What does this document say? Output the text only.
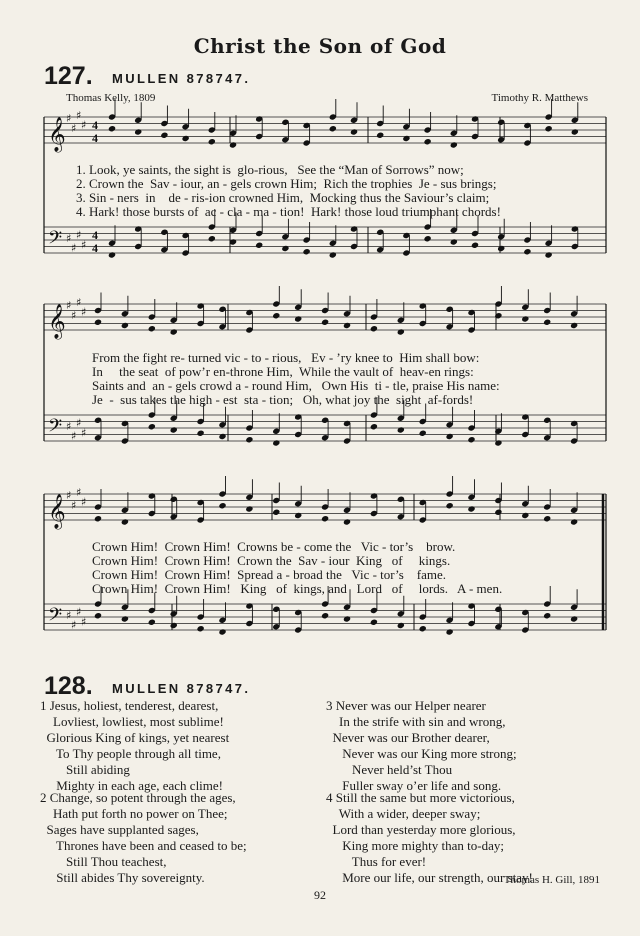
Christ the Son of God
127. MULLEN 878747.
Thomas Kelly, 1809	Timothy R. Matthews
𝄞 ♯
♯
♯
♯ 4
4
𝄢 ♯
♯
♯
♯
4
4
𝄞 ♯
♯
♯
♯
𝄢 ♯
♯
♯
♯
𝄞 ♯
♯
♯
♯
𝄢 ♯
♯
♯
♯
1. Look, ye saints, the sight is  glo-rious,   See the “Man of Sorrows” now;
2. Crown the  Sav - iour, an - gels crown Him;  Rich the trophies  Je - sus brings;
3. Sin - ners  in    de - ris-ion crowned Him,  Mocking thus the Saviour’s claim;
4. Hark! those bursts of  ac - cla - ma - tion!  Hark! those loud triumphant chords!
From the fight re- turned vic - to - rious,   Ev - ’ry knee to  Him shall bow:
In     the seat  of pow’r en-throne Him,  While the vault of  heav-en rings:
Saints and  an - gels crowd a - round Him,   Own His  ti - tle, praise His name:
Je  -  sus takes the high - est  sta - tion;   Oh, what joy the  sight  af-fords!
Crown Him!  Crown Him!  Crowns be - come the   Vic - tor’s    brow.
Crown Him!  Crown Him!  Crown the  Sav - iour  King   of     kings.
Crown Him!  Crown Him!  Spread a - broad the   Vic - tor’s    fame.
Crown Him!  Crown Him!   King   of  kings, and   Lord   of     lords.   A - men.
128. MULLEN 878747.
1 Jesus, holiest, tenderest, dearest,
Lovliest, lowliest, most sublime!
Glorious King of kings, yet nearest
To Thy people through all time,
Still abiding
Mighty in each age, each clime!
2 Change, so potent through the ages,
Hath put forth no power on Thee;
Sages have supplanted sages,
Thrones have been and ceased to be;
Still Thou teachest,
Still abides Thy sovereignty.
3 Never was our Helper nearer
In the strife with sin and wrong,
Never was our Brother dearer,
Never was our King more strong;
Never held’st Thou
Fuller sway o’er life and song.
4 Still the same but more victorious,
With a wider, deeper sway;
Lord than yesterday more glorious,
King more mighty than to-day;
Thus for ever!
More our life, our strength, our stay!
Thomas H. Gill, 1891
92
